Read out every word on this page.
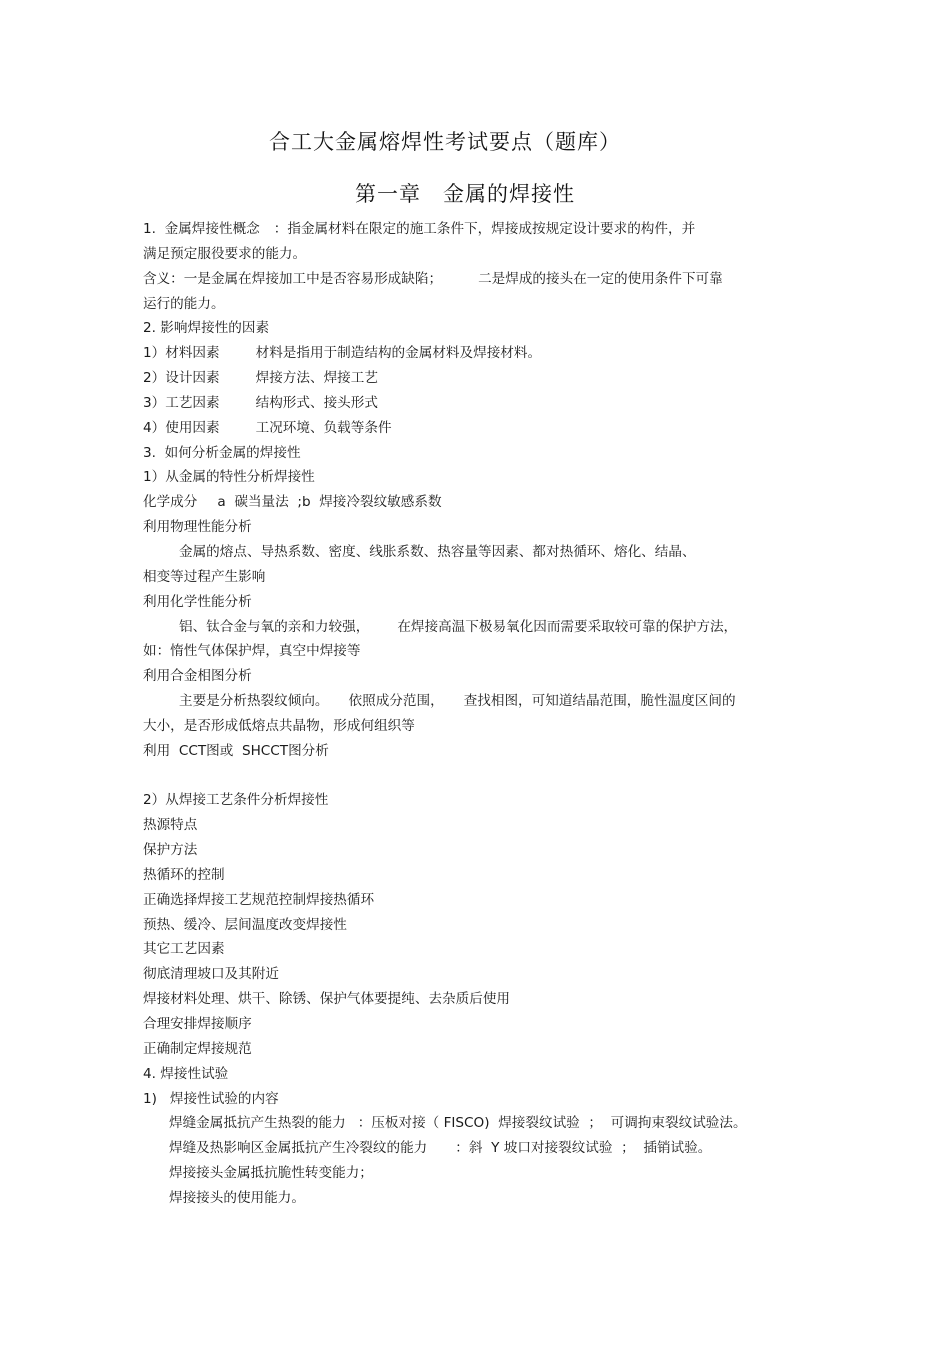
合工大金属熔焊性考试要点（题库）
第一章　金属的焊接性
1.  金属焊接性概念 ：指金属材料在限定的施工条件下，焊接成按规定设计要求的构件，并
满足预定服役要求的能力。
含义：一是金属在焊接加工中是否容易形成缺陷；	二是焊成的接头在一定的使用条件下可靠
运行的能力。
2. 影响焊接性的因素
1）材料因素	材料是指用于制造结构的金属材料及焊接材料。
2）设计因素	焊接方法、焊接工艺
3）工艺因素	结构形式、接头形式
4）使用因素	工况环境、负载等条件
3.  如何分析金属的焊接性
1）从金属的特性分析焊接性
化学成分 a  碳当量法  ;b  焊接冷裂纹敏感系数
利用物理性能分析
金属的熔点、导热系数、密度、线胀系数、热容量等因素、都对热循环、熔化、结晶、
相变等过程产生影响
利用化学性能分析
铝、钛合金与氧的亲和力较强， 在焊接高温下极易氧化因而需要采取较可靠的保护方法，
如：惰性气体保护焊，真空中焊接等
利用合金相图分析
主要是分析热裂纹倾向。 依照成分范围， 查找相图，可知道结晶范围，脆性温度区间的
大小，是否形成低熔点共晶物，形成何组织等
利用  CCT图或  SHCCT图分析
2）从焊接工艺条件分析焊接性
热源特点
保护方法
热循环的控制
正确选择焊接工艺规范控制焊接热循环
预热、缓冷、层间温度改变焊接性
其它工艺因素
彻底清理坡口及其附近
焊接材料处理、烘干、除锈、保护气体要提纯、去杂质后使用
合理安排焊接顺序
正确制定焊接规范
4. 焊接性试验
1)   焊接性试验的内容
焊缝金属抵抗产生热裂的能力 ：压板对接（ FISCO)  焊接裂纹试验  ；  可调拘束裂纹试验法。
焊缝及热影响区金属抵抗产生冷裂纹的能力 ：斜  Y 坡口对接裂纹试验  ；  插销试验。
焊接接头金属抵抗脆性转变能力；
焊接接头的使用能力。
